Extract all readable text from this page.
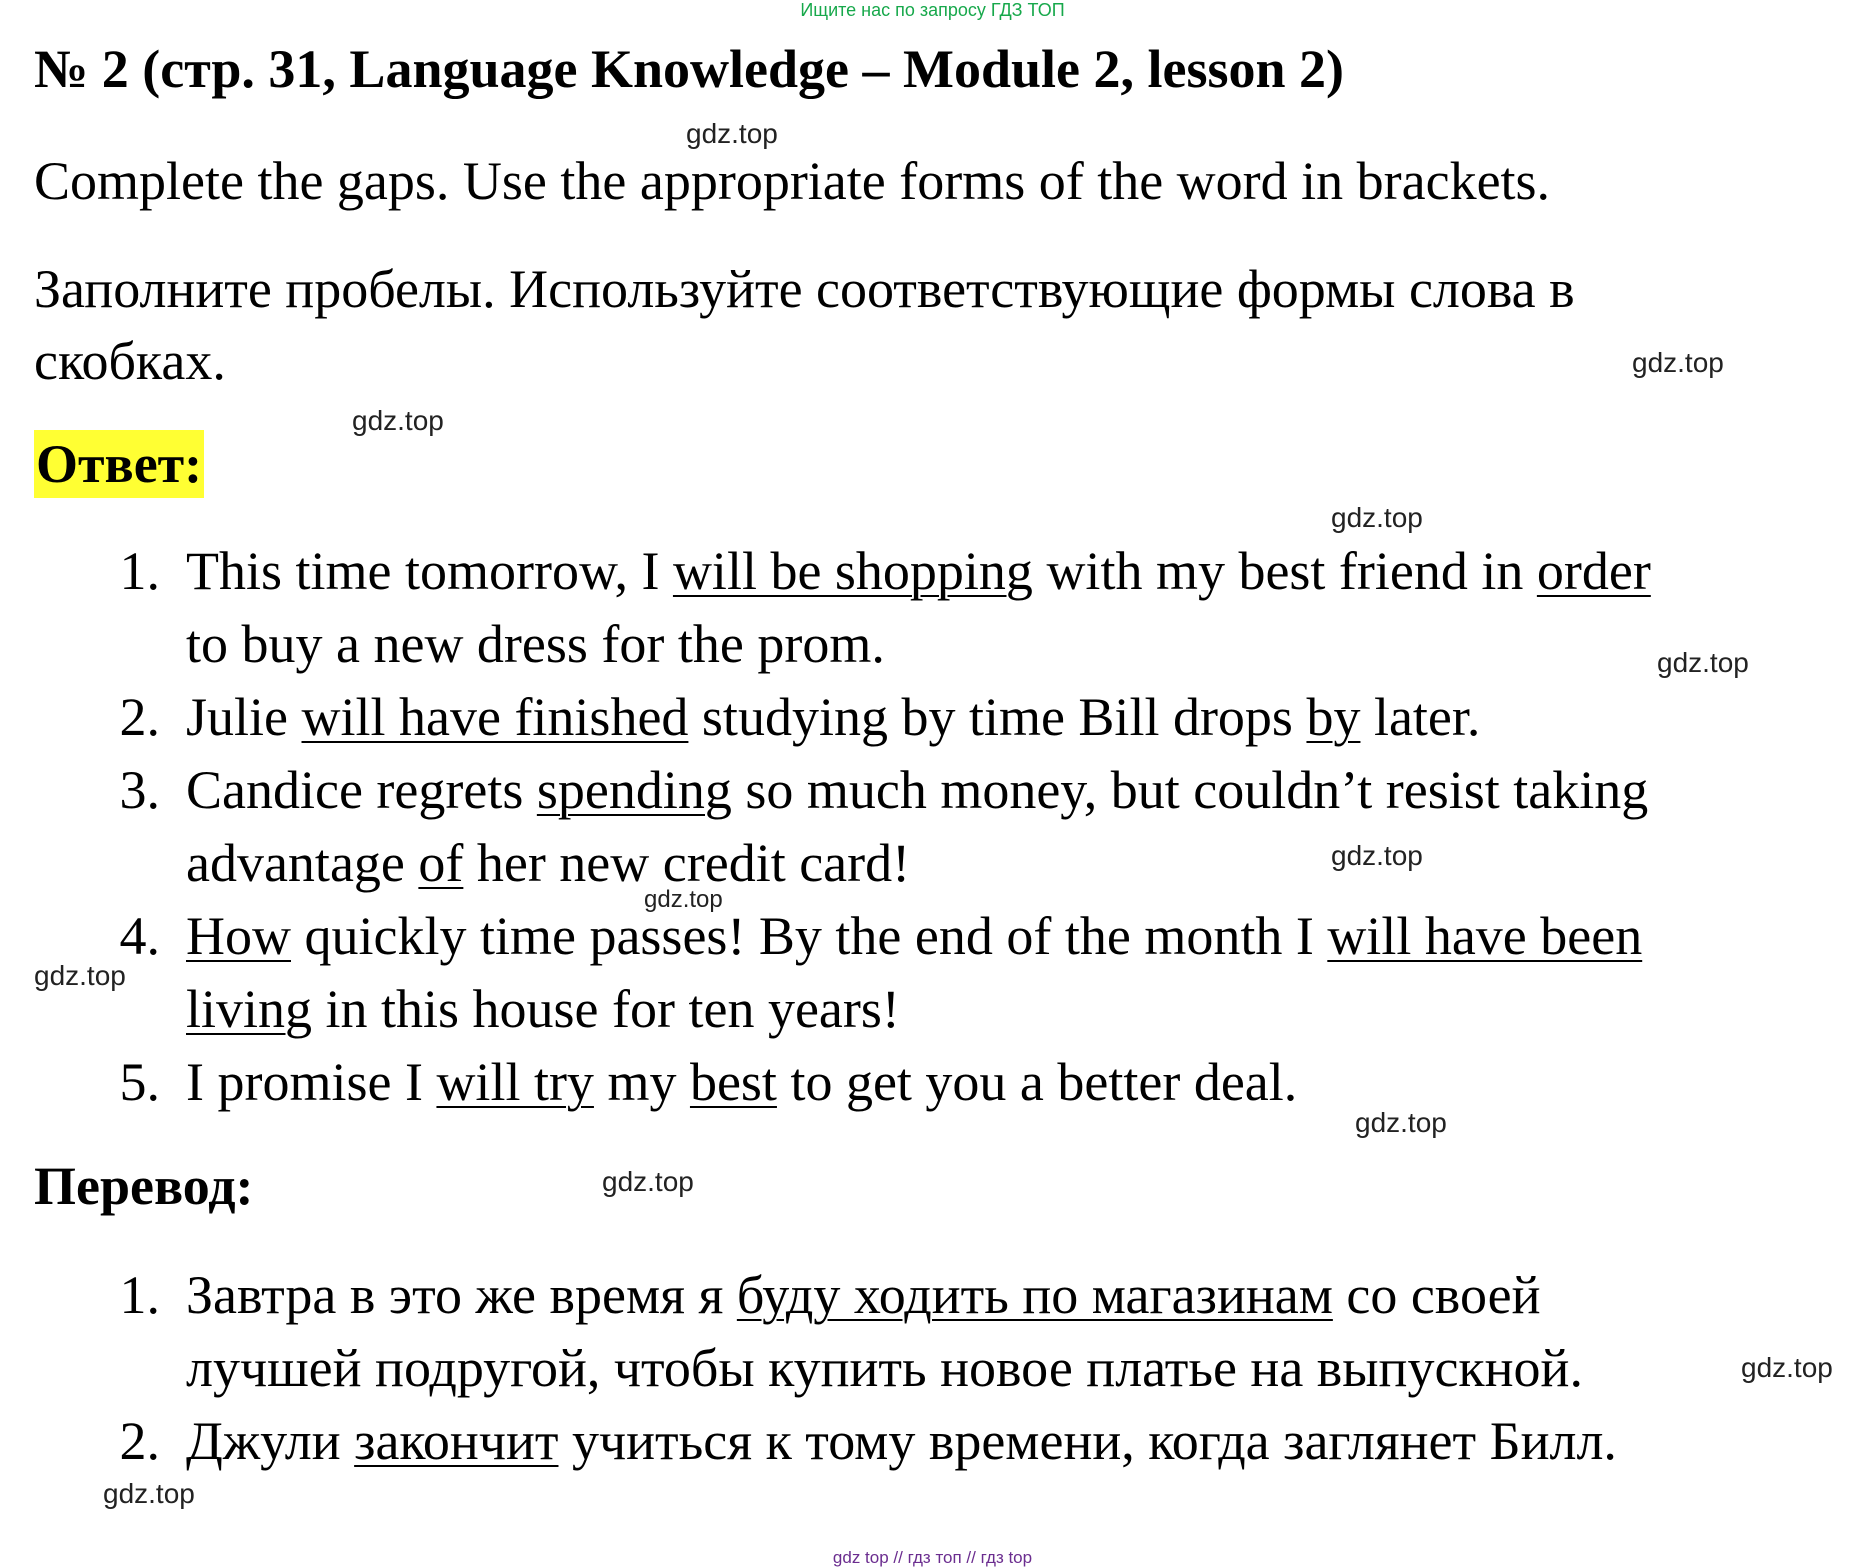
Ищите нас по запросу ГДЗ ТОП
№ 2 (стр. 31, Language Knowledge – Module 2, lesson 2)
Complete the gaps. Use the appropriate forms of the word in brackets.
Заполните пробелы. Используйте соответствующие формы слова в
скобках.
Ответ:
1. This time tomorrow, I will be shopping with my best friend in order
to buy a new dress for the prom.
2. Julie will have finished studying by time Bill drops by later.
3. Candice regrets spending so much money, but couldn’t resist taking
advantage of her new credit card!
4. How quickly time passes! By the end of the month I will have been
living in this house for ten years!
5. I promise I will try my best to get you a better deal.
Перевод:
1. Завтра в это же время я буду ходить по магазинам со своей
лучшей подругой, чтобы купить новое платье на выпускной.
2. Джули закончит учиться к тому времени, когда заглянет Билл.
gdz.top
gdz.top
gdz.top
gdz.top
gdz.top
gdz.top
gdz.top
gdz.top
gdz.top
gdz.top
gdz.top
gdz.top
gdz top // гдз топ // гдз top
